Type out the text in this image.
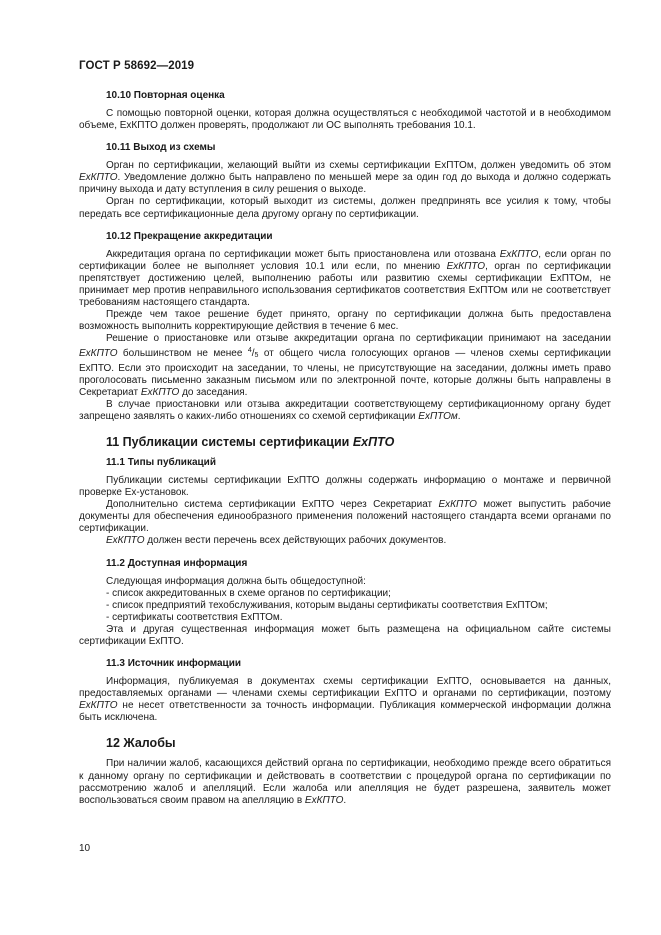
ГОСТ Р 58692—2019
10.10 Повторная оценка

С помощью повторной оценки, которая должна осуществляться с необходимой частотой и в необходимом объеме, ExКПТО должен проверять, продолжают ли ОС выполнять требования 10.1.

10.11 Выход из схемы

Орган по сертификации, желающий выйти из схемы сертификации ExПТОм, должен уведомить об этом ExКПТО. Уведомление должно быть направлено по меньшей мере за один год до выхода и должно содержать причину выхода и дату вступления в силу решения о выходе.

Орган по сертификации, который выходит из системы, должен предпринять все усилия к тому, чтобы передать все сертификационные дела другому органу по сертификации.

10.12 Прекращение аккредитации

Аккредитация органа по сертификации может быть приостановлена или отозвана ExКПТО, если орган по сертификации более не выполняет условия 10.1 или если, по мнению ExКПТО, орган по сертификации препятствует достижению целей, выполнению работы или развитию схемы сертификации ExПТОм, не принимает мер против неправильного использования сертификатов соответствия ExПТОм или не соответствует требованиям настоящего стандарта.

Прежде чем такое решение будет принято, органу по сертификации должна быть предоставлена возможность выполнить корректирующие действия в течение 6 мес.

Решение о приостановке или отзыве аккредитации органа по сертификации принимают на заседании ExКПТО большинством не менее $^4/_5$ от общего числа голосующих органов — членов схемы сертификации ExПТО. Если это происходит на заседании, то члены, не присутствующие на заседании, должны иметь право проголосовать письменно заказным письмом или по электронной почте, которые должны быть направлены в Секретариат ExКПТО до заседания.

В случае приостановки или отзыва аккредитации соответствующему сертификационному органу будет запрещено заявлять о каких-либо отношениях со схемой сертификации ExПТОм.

11 Публикации системы сертификации ExПТО
11.1 Типы публикаций

Публикации системы сертификации ExПТО должны содержать информацию о монтаже и первичной проверке Ex-установок.

Дополнительно система сертификации ExПТО через Секретариат ExКПТО может выпустить рабочие документы для обеспечения единообразного применения положений настоящего стандарта всеми органами по сертификации.

ExКПТО должен вести перечень всех действующих рабочих документов.

11.2 Доступная информация

Следующая информация должна быть общедоступной:

- список аккредитованных в схеме органов по сертификации;

- список предприятий техобслуживания, которым выданы сертификаты соответствия ExПТОм;

- сертификаты соответствия ExПТОм.

Эта и другая существенная информация может быть размещена на официальном сайте системы сертификации ExПТО.

11.3 Источник информации

Информация, публикуемая в документах схемы сертификации ExПТО, основывается на данных, предоставляемых органами — членами схемы сертификации ExПТО и органами по сертификации, поэтому ExКПТО не несет ответственности за точность информации. Публикация коммерческой информации должна быть исключена.

12 Жалобы

При наличии жалоб, касающихся действий органа по сертификации, необходимо прежде всего обратиться к данному органу по сертификации и действовать в соответствии с процедурой органа по сертификации по рассмотрению жалоб и апелляций. Если жалоба или апелляция не будет разрешена, заявитель может воспользоваться своим правом на апелляцию в ExКПТО.

10
